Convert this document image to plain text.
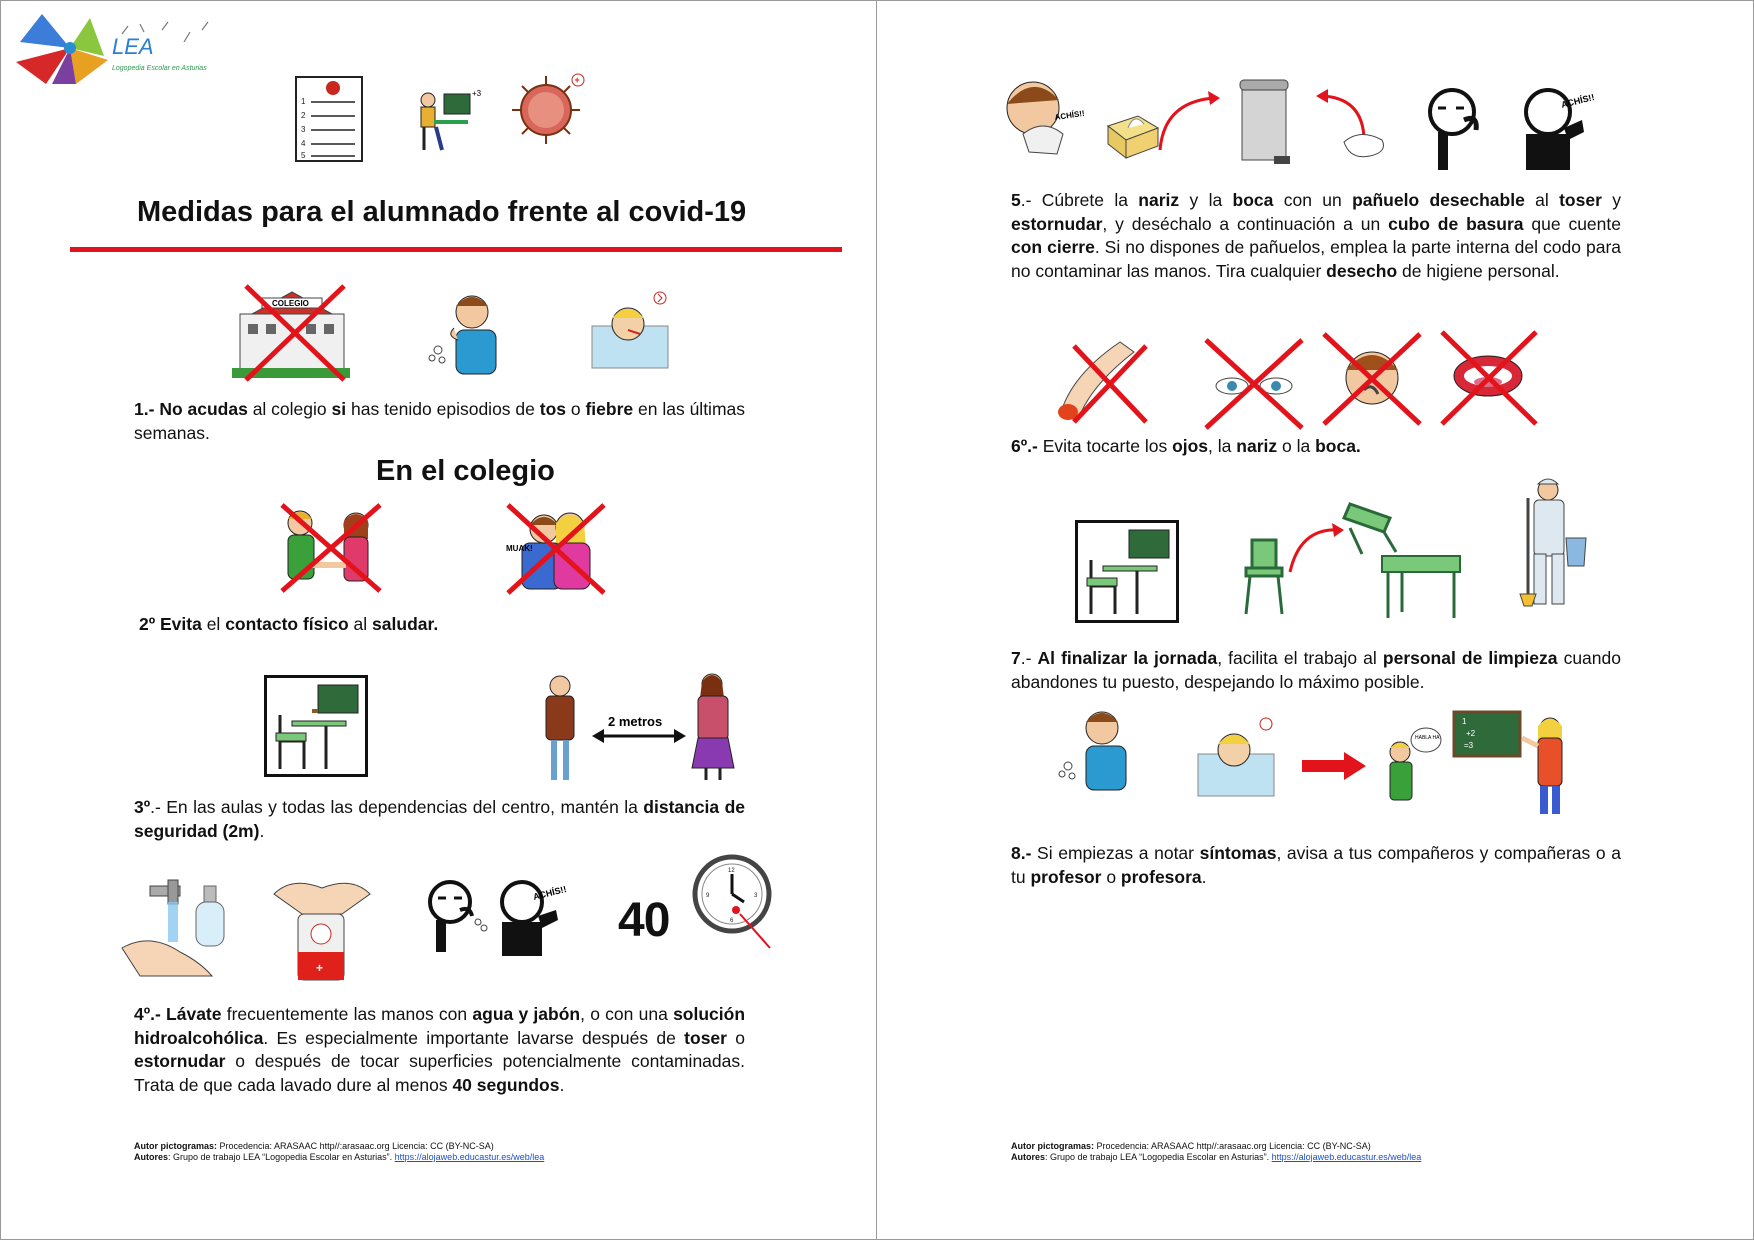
LEA
Logopedia Escolar en Asturias
1
2
3
4
5
+3
+
Medidas para el alumnado frente al covid-19
COLEGIO
1.- No acudas al colegio si has tenido episodios de tos o fiebre en las últimas semanas.
En el colegio
MUAK!
2º Evita el contacto físico al saludar.
2 metros
3º.- En las aulas y todas las dependencias del centro, mantén la distancia de seguridad (2m).
+
ACHÍS!!
40
12
3
6
9
4º.- Lávate frecuentemente las manos con agua y jabón, o con una solución hidroalcohólica. Es especialmente importante lavarse después de toser o estornudar o después de tocar superficies potencialmente contaminadas. Trata de que cada lavado dure al menos 40 segundos.
Autor pictogramas: Procedencia: ARASAAC http//:arasaac.org Licencia: CC (BY-NC-SA)
Autores: Grupo de trabajo LEA “Logopedia Escolar en Asturias”. https://alojaweb.educastur.es/web/lea
ACHÍS!!
ACHÍS!!
5.- Cúbrete la nariz y la boca con un pañuelo desechable al toser y estornudar, y deséchalo a continuación a un cubo de basura que cuente con cierre. Si no dispones de pañuelos, emplea la parte interna del codo para no contaminar las manos. Tira cualquier desecho de higiene personal.
6º.- Evita tocarte los ojos, la nariz o la boca.
7.- Al finalizar la jornada, facilita el trabajo al personal de limpieza cuando abandones tu puesto, despejando lo máximo posible.
HABLA HA
1
+2
=3
8.- Si empiezas a notar síntomas, avisa a tus compañeros y compañeras o a tu profesor o profesora.
Autor pictogramas: Procedencia: ARASAAC http//:arasaac.org Licencia: CC (BY-NC-SA)
Autores: Grupo de trabajo LEA “Logopedia Escolar en Asturias”. https://alojaweb.educastur.es/web/lea
